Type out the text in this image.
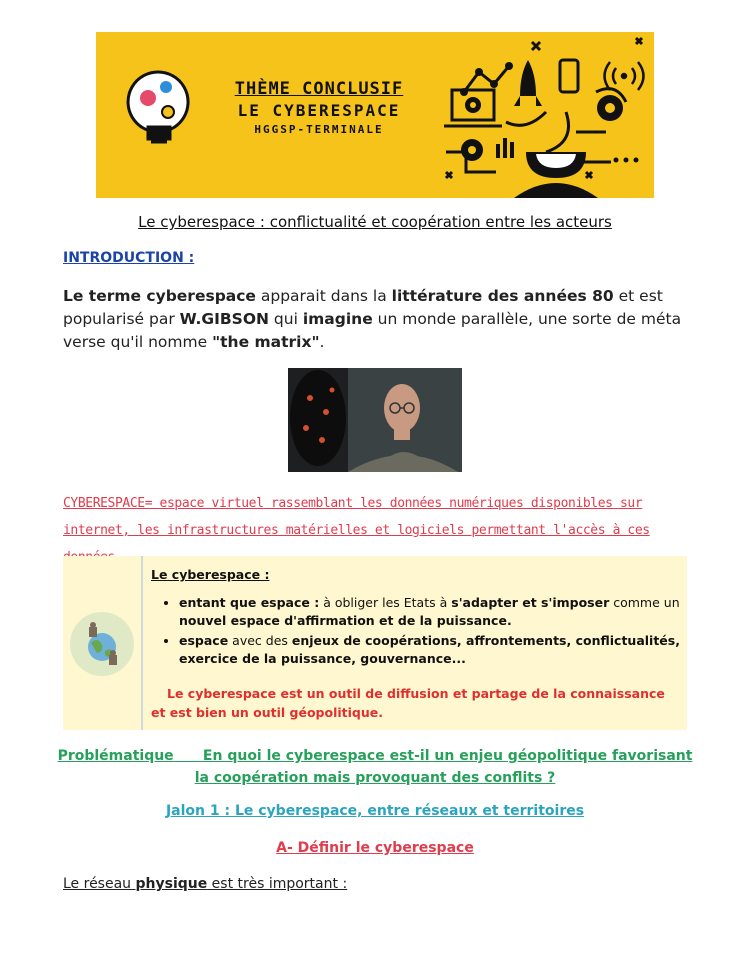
THÈME CONCLUSIF
LE CYBERESPACE
HGGSP-TERMINALE
Le cyberespace : conflictualité et coopération entre les acteurs
INTRODUCTION :
Le terme cyberespace apparait dans la littérature des années 80 et est popularisé par W.GIBSON qui imagine un monde parallèle, une sorte de méta verse qu'il nomme "the matrix".
CYBERESPACE= espace virtuel rassemblant les données numériques disponibles sur internet, les infrastructures matérielles et logiciels permettant l'accès à ces
Le cyberespace :
• entant que espace : à obliger les Etats à s'adapter et s'imposer comme un nouvel espace d'affirmation et de la puissance.
• espace avec des enjeux de coopérations, affrontements, conflictualités, exercice de la puissance, gouvernance...
Le cyberespace est un outil de diffusion et partage de la connaissance et est bien un outil géopolitique.
Problématique En quoi le cyberespace est-il un enjeu géopolitique favorisant
la coopération mais provoquant des conflits ?
Jalon 1 : Le cyberespace, entre réseaux et territoires
A- Définir le cyberespace
Le réseau physique est très important :
